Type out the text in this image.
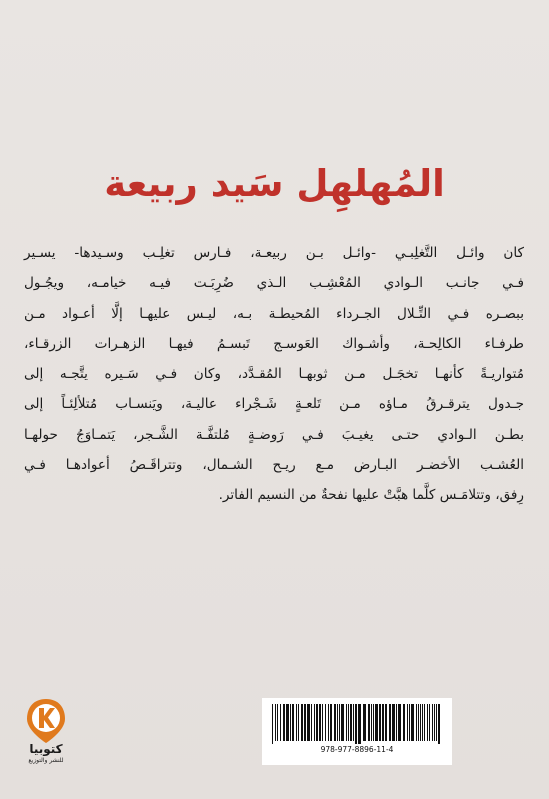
المُهلهِل سَيد ربيعة
كان وائـل التَّغلِبـي -وائـل بـن ربيعـة، فـارس تغلِـب وسـيدها- يسـير
فـي جانـب الـوادي المُعْشِـب الـذي ضُرِبَـت فيـه خيامـه، ويجُـول
ببصـره فـي التِّـلال الجـرداء المُحيطـة بـه، ليـس عليهـا إلَّا أعـواد مـن
طرفـاء الكالِحـة، وأشـواك العَوسـج تَبسـمُ فيهـا الزهـرات الزرقـاء،
مُتواريـةً كأنهـا تخجَـل مـن ثوبهـا المُقـدَّد، وكان فـي سَـيره يتَّجـه إلى
جـدول يترقـرقُ مـاؤه مـن تَلعـةٍ شَـجْراء عاليـة، ويَنسـاب مُتلألِئـاً إلى
بطـن الـوادي حتـى يغيـبَ فـي رَوضـةٍ مُلتفَّـة الشَّـجر، يَتمـاوَجُ حولهـا
العُشـب الأخضـر البـارض مـع ريـح الشـمال، وتتراقَـصُ أعوادهـا فـي
رِفق، وتتلامَـس كلَّما هبَّتْ عليها نفحةٌ من النسيم الفاتر.
كتوبيا
للنشر والتوزيع
978-977-8896-11-4
